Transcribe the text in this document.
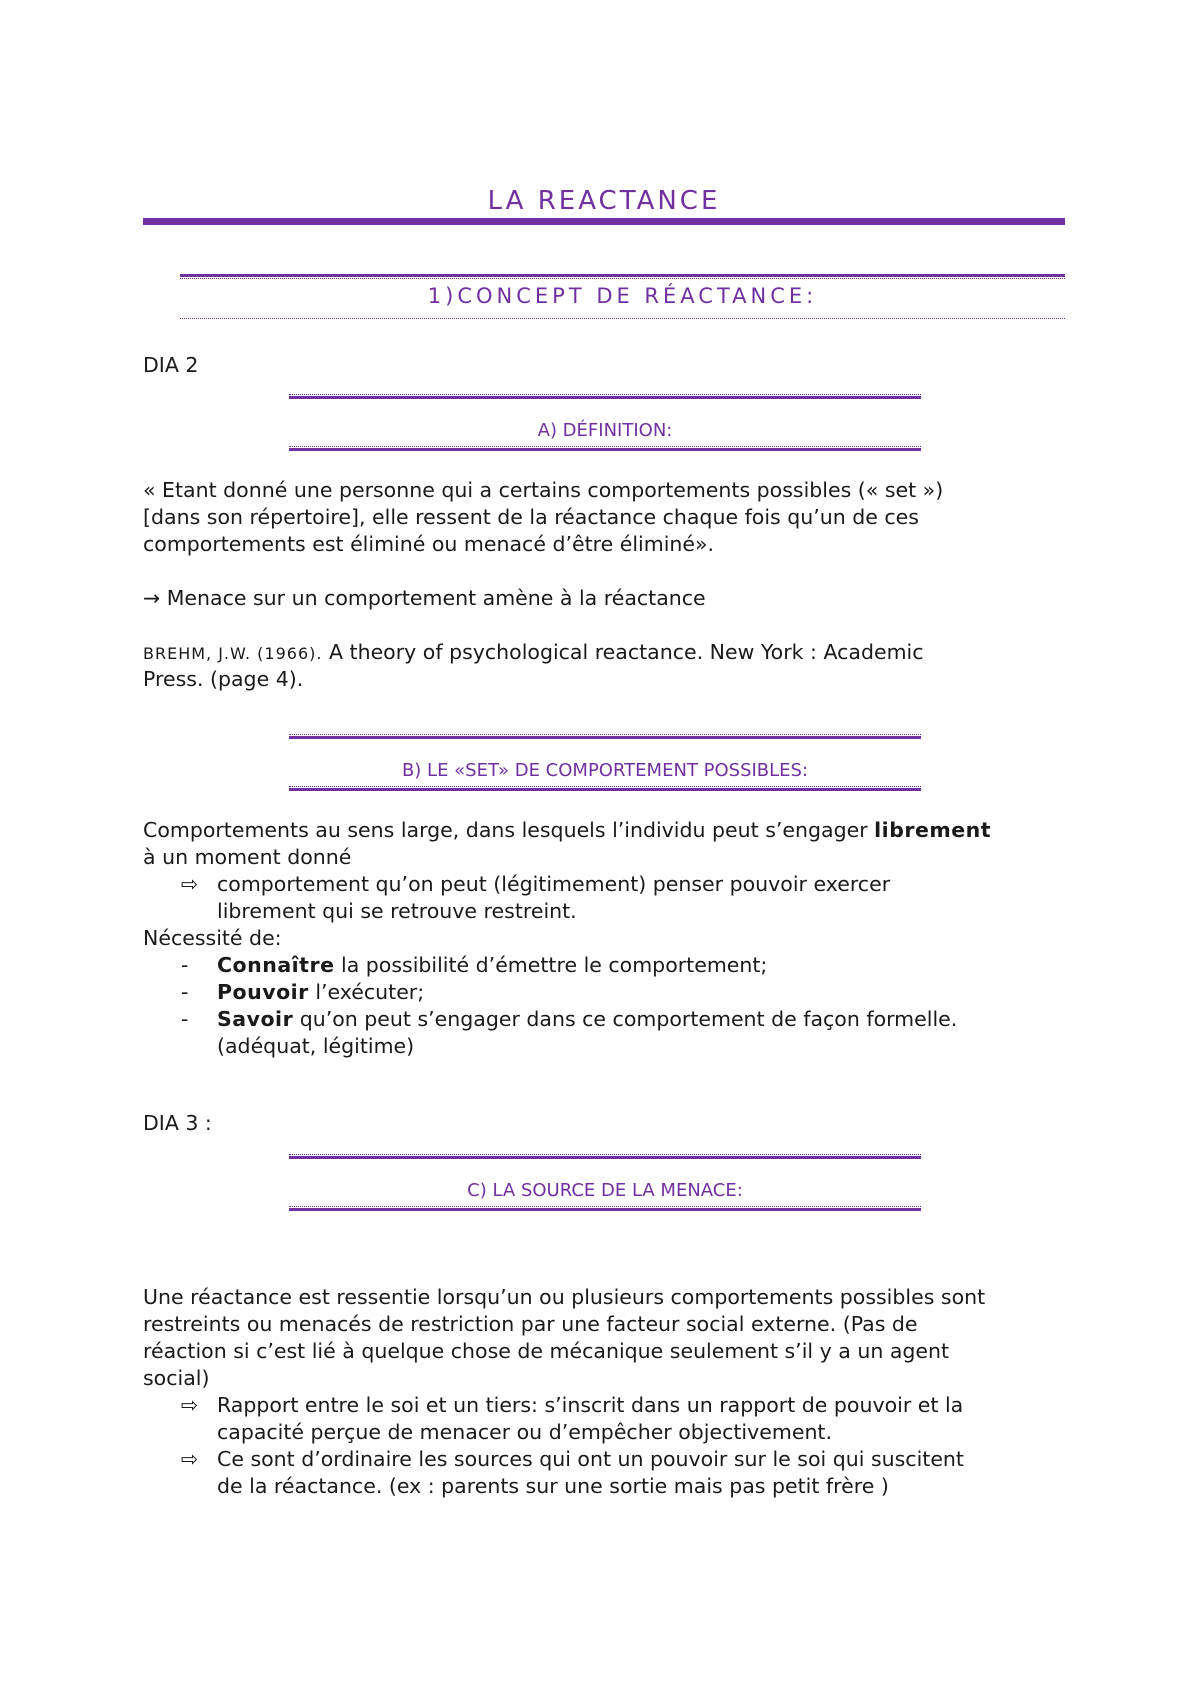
LA REACTANCE
1)CONCEPT DE RÉACTANCE:

DIA 2

A) DÉFINITION:

« Etant donné une personne qui a certains comportements possibles (« set »)

[dans son répertoire], elle ressent de la réactance chaque fois qu’un de ces

comportements est éliminé ou menacé d’être éliminé».

→ Menace sur un comportement amène à la réactance

BREHM, J.W. (1966). A theory of psychological reactance. New York : Academic

Press. (page 4).

B) LE «SET» DE COMPORTEMENT POSSIBLES:

Comportements au sens large, dans lesquels l’individu peut s’engager librement

à un moment donné

⇨ comportement qu’on peut (légitimement) penser pouvoir exercer
librement qui se retrouve restreint.

Nécessité de:

-	Connaître la possibilité d’émettre le comportement;
-	Pouvoir l’exécuter;
-	Savoir qu’on peut s’engager dans ce comportement de façon formelle.
(adéquat, légitime)

DIA 3 :

C) LA SOURCE DE LA MENACE:

Une réactance est ressentie lorsqu’un ou plusieurs comportements possibles sont

restreints ou menacés de restriction par une facteur social externe. (Pas de

réaction si c’est lié à quelque chose de mécanique seulement s’il y a un agent

social)

⇨ Rapport entre le soi et un tiers: s’inscrit dans un rapport de pouvoir et la
capacité perçue de menacer ou d’empêcher objectivement.
⇨ Ce sont d’ordinaire les sources qui ont un pouvoir sur le soi qui suscitent
de la réactance. (ex : parents sur une sortie mais pas petit frère )
